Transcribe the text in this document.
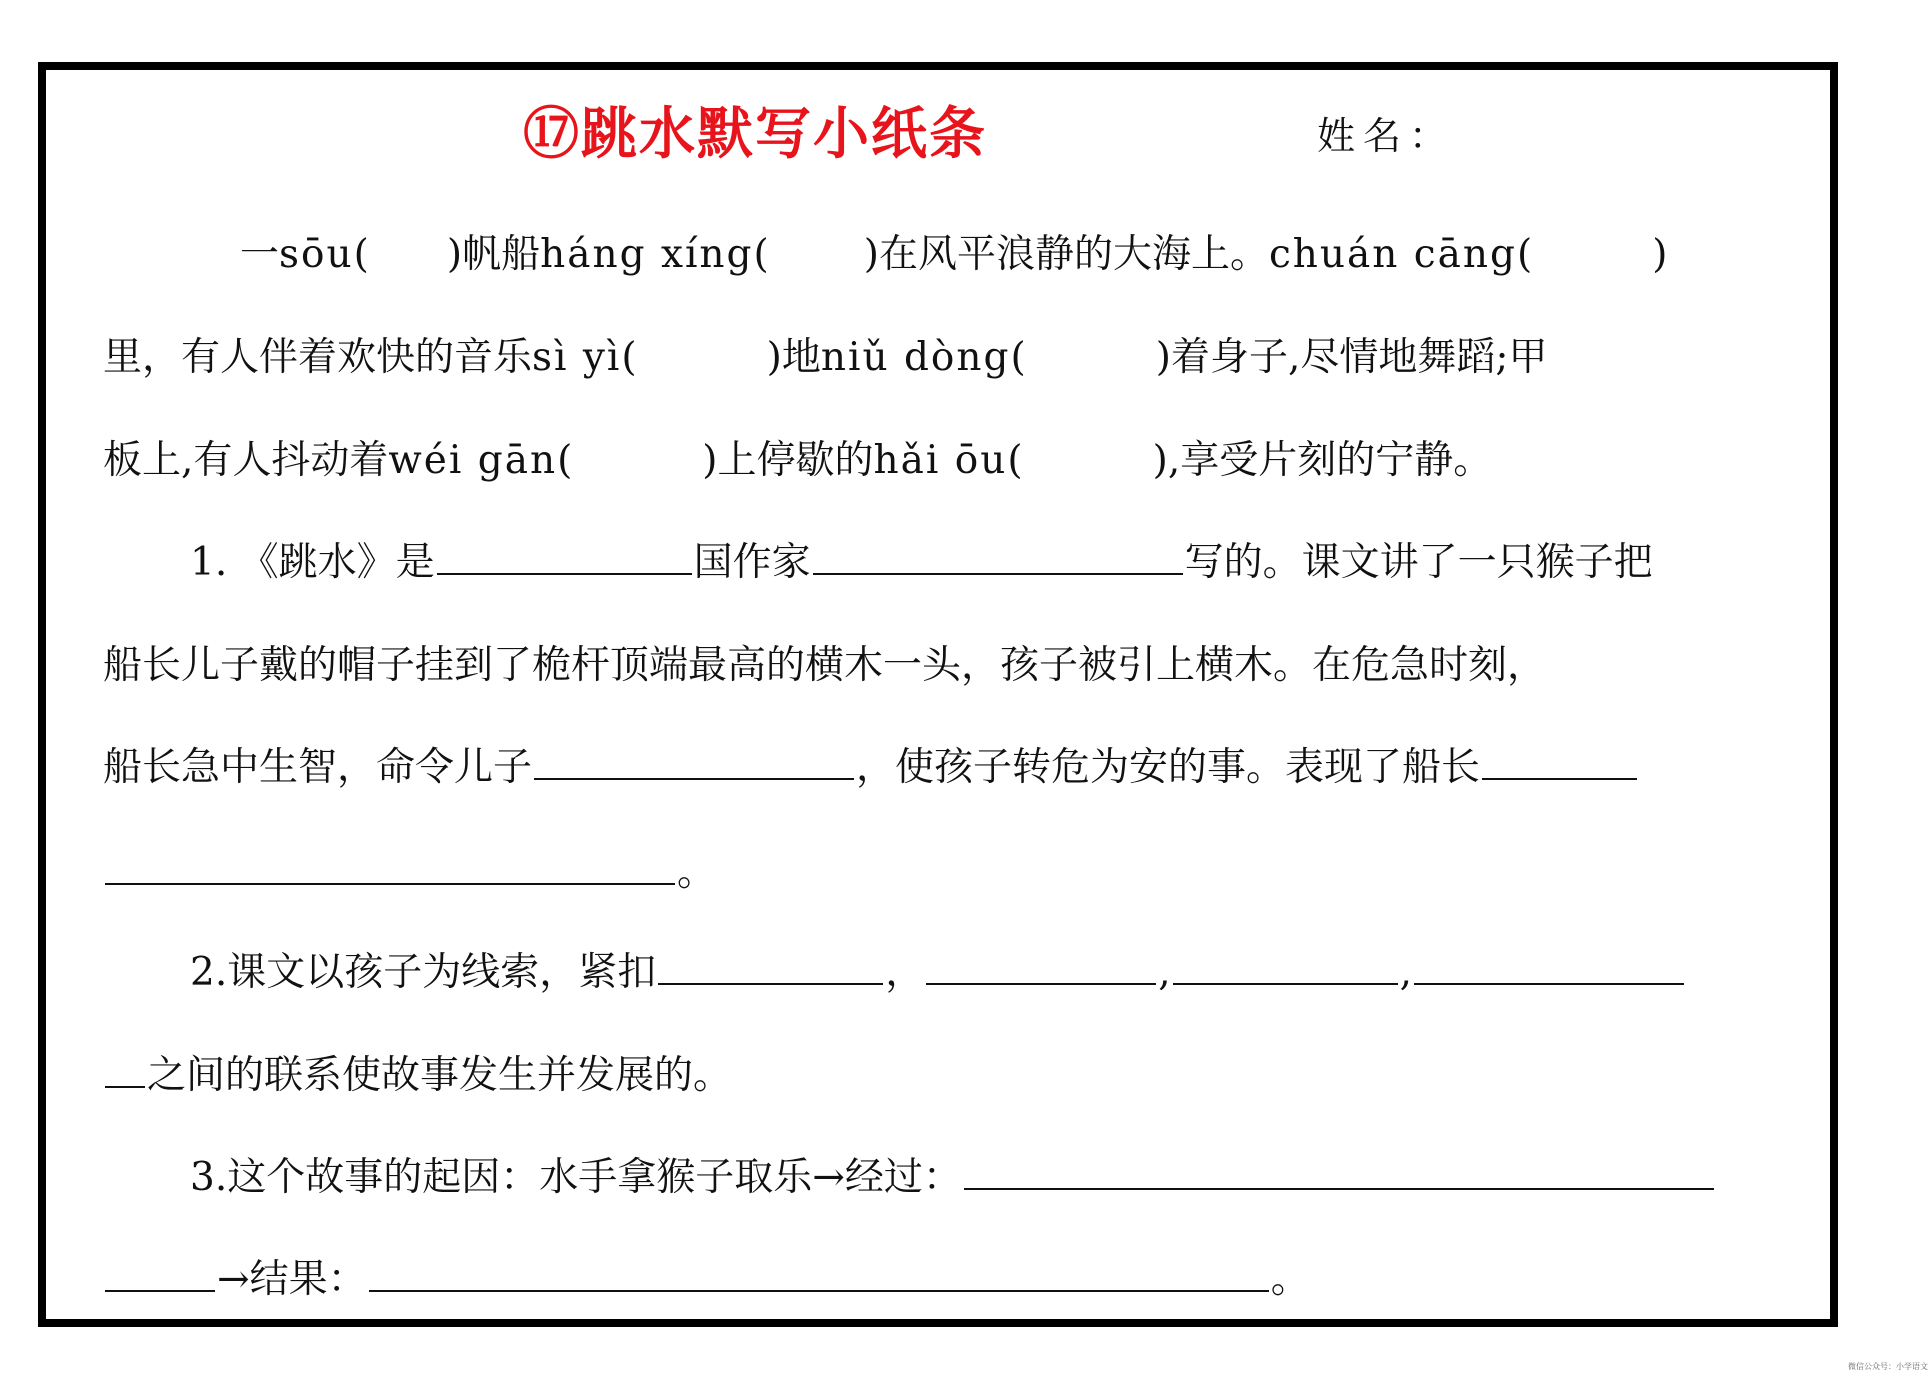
⑰跳水默写小纸条	姓名：
一 sōu ( ) 帆船 háng xíng ( ) 在风平浪静的大海上。 chuán cāng (	)
里，有人伴着欢快的音乐 sì yì (	) 地 niǔ dòng (	) 着身子,尽情地舞蹈;甲
板上,有人抖动着 wéi gān (	) 上停歇的 hǎi ōu (	) ,享受片刻的宁静。
1. 《跳水》是	国作家	写的。课文讲了一只猴子把
船长儿子戴的帽子挂到了桅杆顶端最高的横木一头，孩子被引上横木。在危急时刻，
船长急中生智，命令儿子	，使孩子转危为安的事。表现了船长
。
2.课文以孩子为线索，紧扣	，	,	,
之间的联系使故事发生并发展的。
3.这个故事的起因：水手拿猴子取乐→经过：
→结果：	。
微信公众号：小学语文
